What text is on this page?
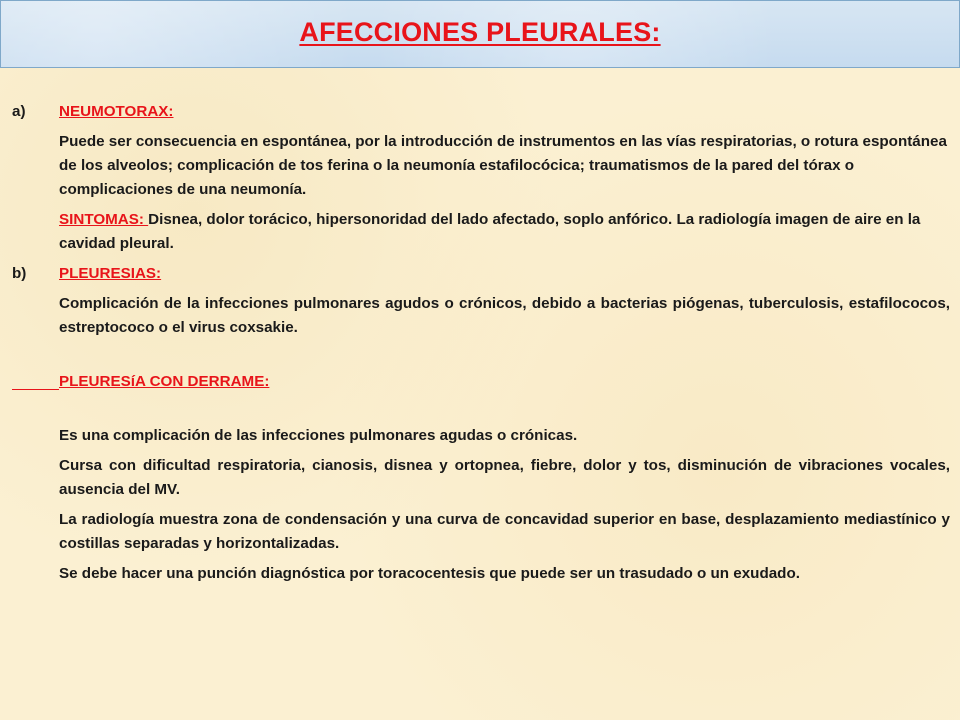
AFECCIONES PLEURALES:
a) NEUMOTORAX:
Puede ser consecuencia en espontánea, por la introducción de instrumentos en las vías respiratorias, o rotura espontánea de los alveolos; complicación de tos ferina o la neumonía estafilocócica; traumatismos de la pared del tórax o complicaciones de una neumonía.
SINTOMAS: Disnea, dolor torácico, hipersonoridad del lado afectado, soplo anfórico. La radiología imagen de aire en la cavidad pleural.
b) PLEURESIAS:
Complicación de la infecciones pulmonares agudos o crónicos, debido a bacterias piógenas, tuberculosis, estafilococos, estreptococo o el virus coxsakie.
PLEURESíA CON DERRAME:
Es una complicación de las infecciones pulmonares agudas o crónicas.
Cursa con dificultad respiratoria, cianosis, disnea y ortopnea, fiebre, dolor y tos, disminución de vibraciones vocales, ausencia del MV.
La radiología muestra zona de condensación y una curva de concavidad superior en base, desplazamiento mediastínico y costillas separadas y horizontalizadas.
Se debe hacer una punción diagnóstica por toracocentesis que puede ser un trasudado o un exudado.
